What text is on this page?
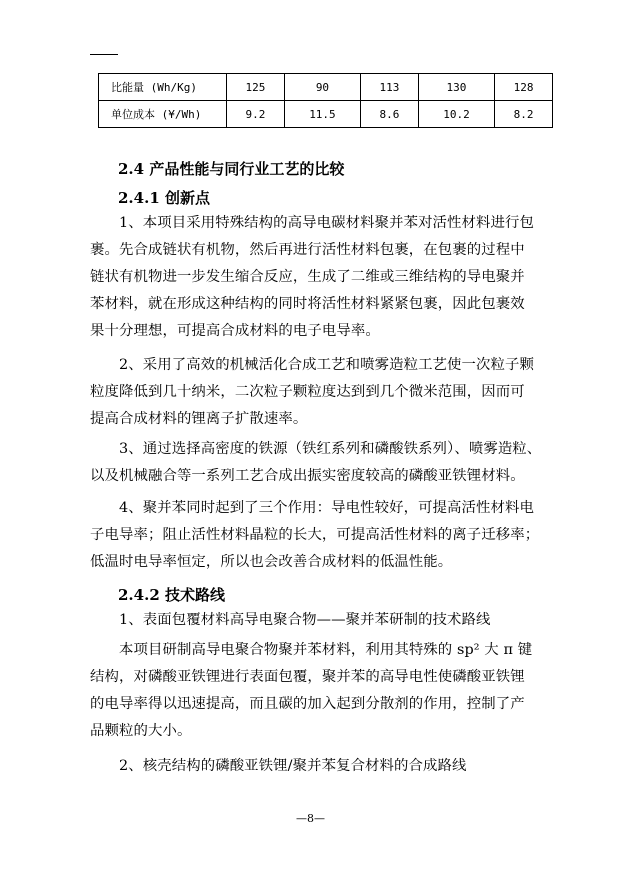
比能量 (Wh/Kg)	125	90	113	130	128
单位成本 (¥/Wh)	9.2	11.5	8.6	10.2	8.2
2.4 产品性能与同行业工艺的比较
2.4.1 创新点
1、本项目采用特殊结构的高导电碳材料聚并苯对活性材料进行包
裹。先合成链状有机物，然后再进行活性材料包裹，在包裹的过程中
链状有机物进一步发生缩合反应，生成了二维或三维结构的导电聚并
苯材料，就在形成这种结构的同时将活性材料紧紧包裹，因此包裹效
果十分理想，可提高合成材料的电子电导率。
2、采用了高效的机械活化合成工艺和喷雾造粒工艺使一次粒子颗
粒度降低到几十纳米，二次粒子颗粒度达到到几个微米范围，因而可
提高合成材料的锂离子扩散速率。
3、通过选择高密度的铁源（铁红系列和磷酸铁系列）、喷雾造粒、
以及机械融合等一系列工艺合成出振实密度较高的磷酸亚铁锂材料。
4、聚并苯同时起到了三个作用：导电性较好，可提高活性材料电
子电导率；阻止活性材料晶粒的长大，可提高活性材料的离子迁移率；
低温时电导率恒定，所以也会改善合成材料的低温性能。
2.4.2 技术路线
1、表面包覆材料高导电聚合物——聚并苯研制的技术路线
本项目研制高导电聚合物聚并苯材料，利用其特殊的 sp² 大 π 键
结构，对磷酸亚铁锂进行表面包覆，聚并苯的高导电性使磷酸亚铁锂
的电导率得以迅速提高，而且碳的加入起到分散剂的作用，控制了产
品颗粒的大小。
2、核壳结构的磷酸亚铁锂/聚并苯复合材料的合成路线
—8—
